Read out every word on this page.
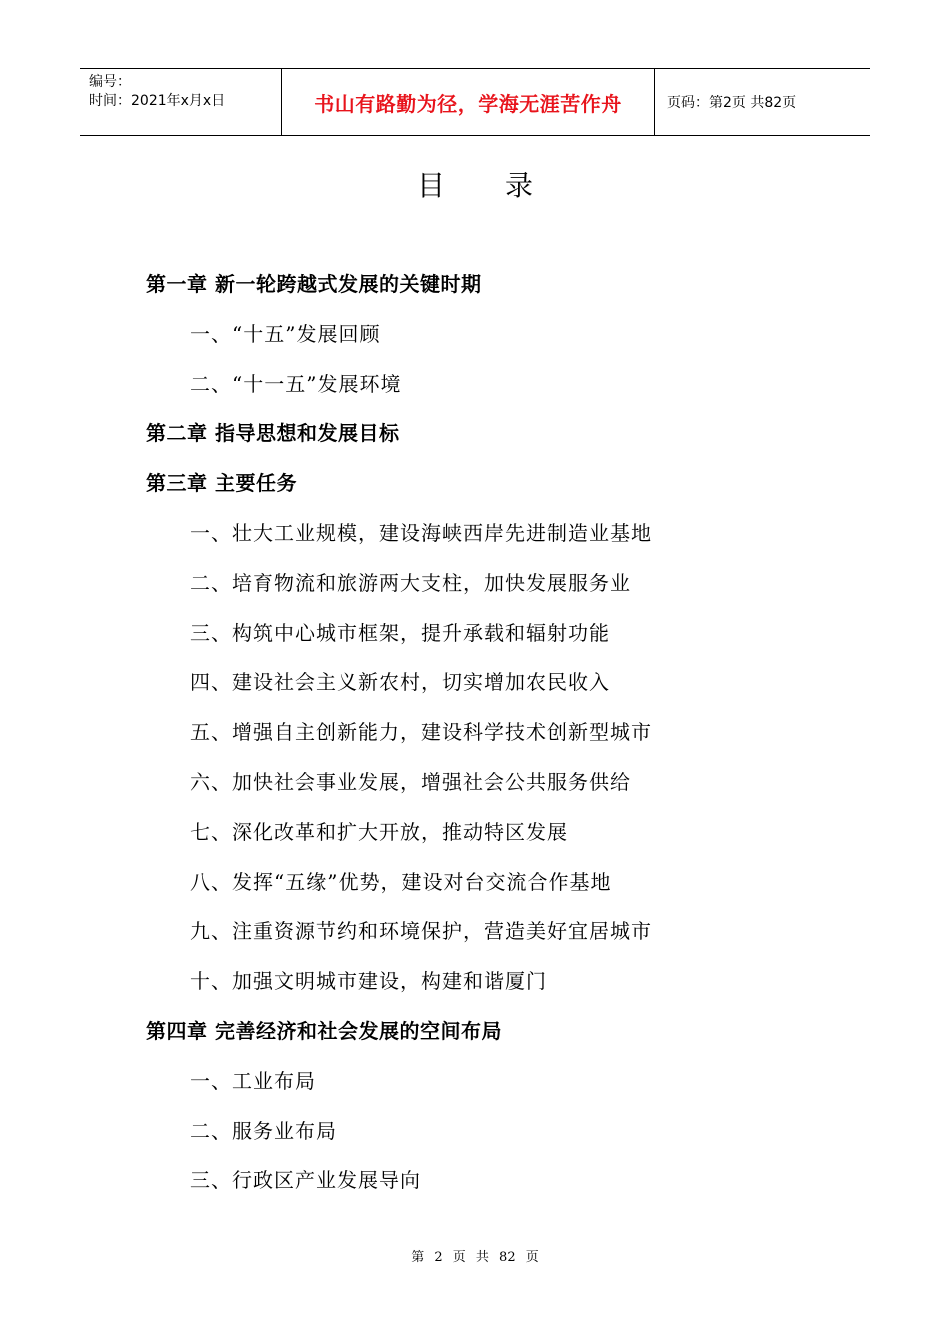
编号：
时间：2021年x月x日	书山有路勤为径，学海无涯苦作舟	页码：第2页 共82页
目录
第一章 新一轮跨越式发展的关键时期
一、“十五”发展回顾
二、“十一五”发展环境
第二章 指导思想和发展目标
第三章 主要任务
一、壮大工业规模，建设海峡西岸先进制造业基地
二、培育物流和旅游两大支柱，加快发展服务业
三、构筑中心城市框架，提升承载和辐射功能
四、建设社会主义新农村，切实增加农民收入
五、增强自主创新能力，建设科学技术创新型城市
六、加快社会事业发展，增强社会公共服务供给
七、深化改革和扩大开放，推动特区发展
八、发挥“五缘”优势，建设对台交流合作基地
九、注重资源节约和环境保护，营造美好宜居城市
十、加强文明城市建设，构建和谐厦门
第四章 完善经济和社会发展的空间布局
一、工业布局
二、服务业布局
三、行政区产业发展导向
第 2 页 共 82 页
